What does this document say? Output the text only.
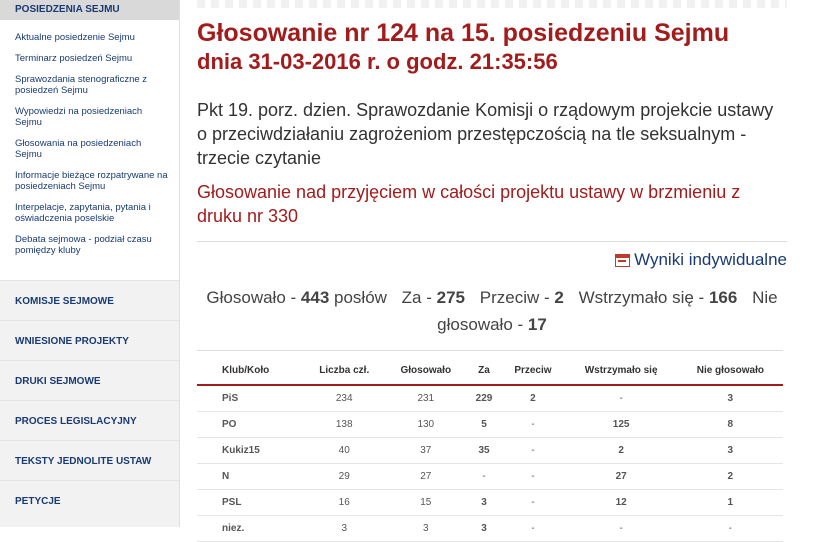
POSIEDZENIA SEJMU
Aktualne posiedzenie Sejmu
Terminarz posiedzeń Sejmu
Sprawozdania stenograficzne z posiedzeń Sejmu
Wypowiedzi na posiedzeniach Sejmu
Głosowania na posiedzeniach Sejmu
Informacje bieżące rozpatrywane na posiedzeniach Sejmu
Interpelacje, zapytania, pytania i oświadczenia poselskie
Debata sejmowa - podział czasu pomiędzy kluby
KOMISJE SEJMOWE
WNIESIONE PROJEKTY
DRUKI SEJMOWE
PROCES LEGISLACYJNY
TEKSTY JEDNOLITE USTAW
PETYCJE
Głosowanie nr 124 na 15. posiedzeniu Sejmu
dnia 31-03-2016 r. o godz. 21:35:56

Pkt 19. porz. dzien. Sprawozdanie Komisji o rządowym projekcie ustawy o przeciwdziałaniu zagrożeniom przestępczością na tle seksualnym - trzecie czytanie

Głosowanie nad przyjęciem w całości projektu ustawy w brzmieniu z druku nr 330

Wyniki indywidualne
Głosowało - 443 posłów Za - 275 Przeciw - 2 Wstrzymało się - 166 Nie głosowało - 17
Klub/Koło	Liczba czł.	Głosowało	Za	Przeciw	Wstrzymało się	Nie głosowało
PiS	234	231	229	2	-	3
PO	138	130	5	-	125	8
Kukiz15	40	37	35	-	2	3
N	29	27	-	-	27	2
PSL	16	15	3	-	12	1
niez.	3	3	3	-	-	-
